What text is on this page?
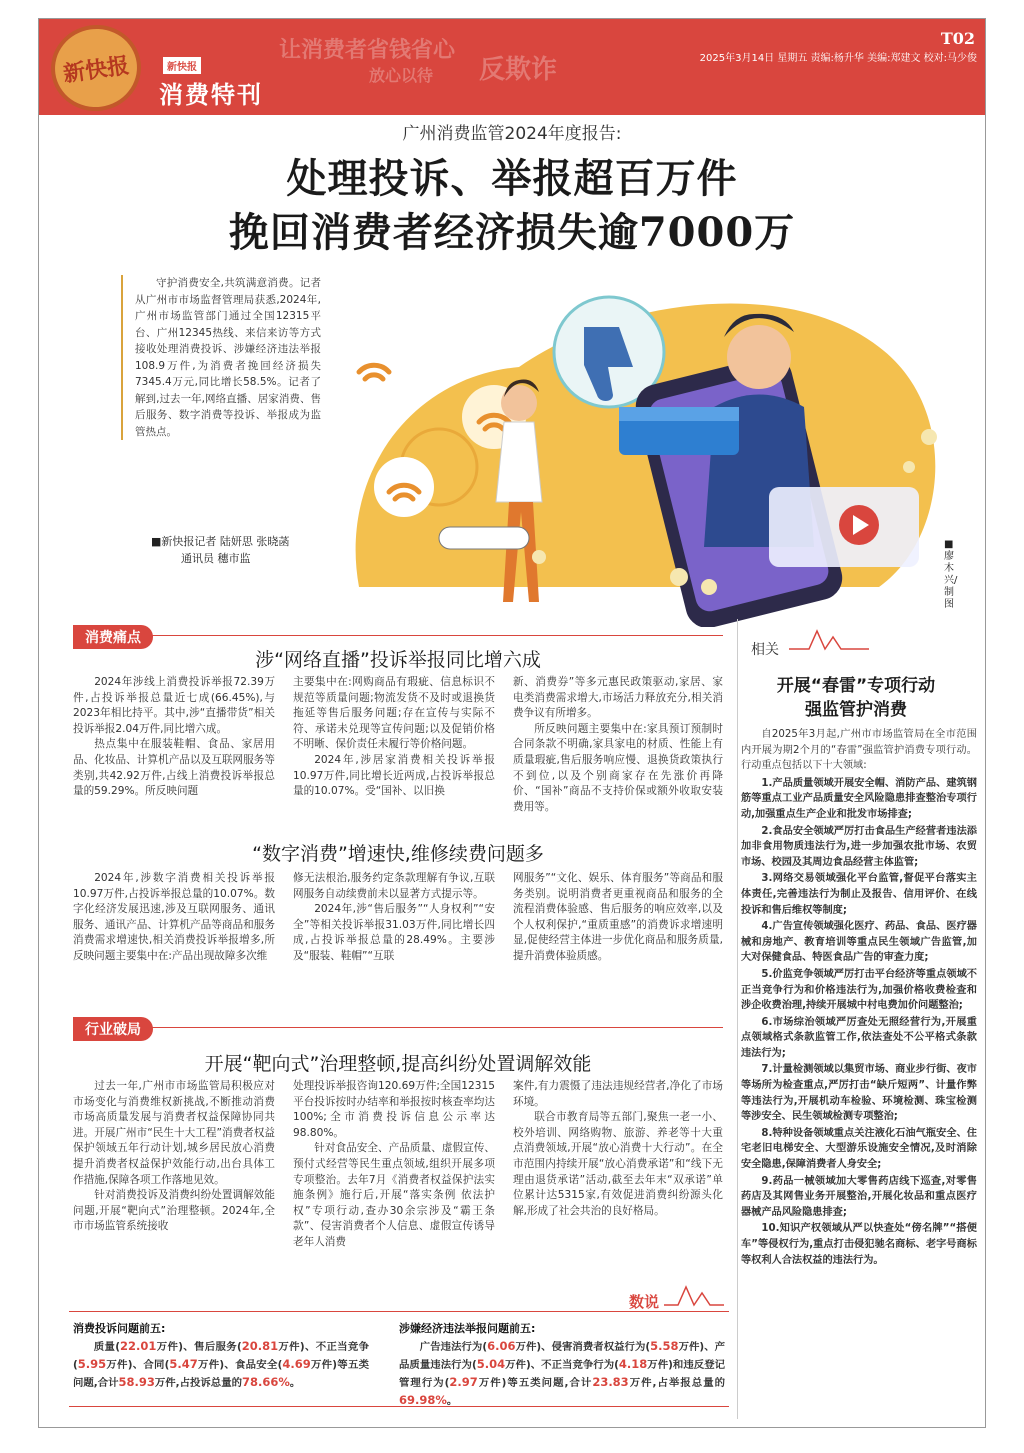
让消费者省钱省心
放心以待 反欺诈
新快报	新快报
消费特刊
T02
2025年3月14日 星期五 责编:杨升华 美编:郑建文 校对:马少俊
广州消费监管2024年度报告:
处理投诉、举报超百万件
挽回消费者经济损失逾7000万
守护消费安全,共筑满意消费。记者从广州市市场监督管理局获悉,2024年,广州市场监管部门通过全国12315平台、广州12345热线、来信来访等方式接收处理消费投诉、涉嫌经济违法举报108.9万件,为消费者挽回经济损失7345.4万元,同比增长58.5%。记者了解到,过去一年,网络直播、居家消费、售后服务、数字消费等投诉、举报成为监管热点。
■新快报记者 陆妍思 张晓菡
通讯员 穗市监
■廖木兴/制图
消费痛点
涉“网络直播”投诉举报同比增六成

2024年涉线上消费投诉举报72.39万件,占投诉举报总量近七成(66.45%),与2023年相比持平。其中,涉“直播带货”相关投诉举报2.04万件,同比增六成。

热点集中在服装鞋帽、食品、家居用品、化妆品、计算机产品以及互联网服务等类别,共42.92万件,占线上消费投诉举报总量的59.29%。所反映问题

主要集中在:网购商品有瑕疵、信息标识不规范等质量问题;物流发货不及时或退换货拖延等售后服务问题;存在宣传与实际不符、承诺未兑现等宣传问题;以及促销价格不明晰、保价责任未履行等价格问题。

2024年,涉居家消费相关投诉举报10.97万件,同比增长近两成,占投诉举报总量的10.07%。受“国补、以旧换

新、消费券”等多元惠民政策驱动,家居、家电类消费需求增大,市场活力释放充分,相关消费争议有所增多。

所反映问题主要集中在:家具预订预制时合同条款不明确,家具家电的材质、性能上有质量瑕疵,售后服务响应慢、退换货政策执行不到位,以及个别商家存在先涨价再降价、“国补”商品不支持价保或额外收取安装费用等。

“数字消费”增速快,维修续费问题多

2024年,涉数字消费相关投诉举报10.97万件,占投诉举报总量的10.07%。数字化经济发展迅速,涉及互联网服务、通讯服务、通讯产品、计算机产品等商品和服务消费需求增速快,相关消费投诉举报增多,所反映问题主要集中在:产品出现故障多次维

修无法根治,服务约定条款理解有争议,互联网服务自动续费前未以显著方式提示等。

2024年,涉“售后服务”“人身权利”“安全”等相关投诉举报31.03万件,同比增长四成,占投诉举报总量的28.49%。主要涉及“服装、鞋帽”“互联

网服务”“文化、娱乐、体育服务”等商品和服务类别。说明消费者更重视商品和服务的全流程消费体验感、售后服务的响应效率,以及个人权利保护,“重质重感”的消费诉求增速明显,促使经营主体进一步优化商品和服务质量,提升消费体验质感。

行业破局
开展“靶向式”治理整顿,提高纠纷处置调解效能

过去一年,广州市市场监管局积极应对市场变化与消费维权新挑战,不断推动消费市场高质量发展与消费者权益保障协同共进。开展广州市“民生十大工程”消费者权益保护领域五年行动计划,城乡居民放心消费提升消费者权益保护效能行动,出台具体工作措施,保障各项工作落地见效。

针对消费投诉及消费纠纷处置调解效能问题,开展“靶向式”治理整顿。2024年,全市市场监管系统接收

处理投诉举报咨询120.69万件;全国12315平台投诉按时办结率和举报按时核查率均达100%;全市消费投诉信息公示率达98.80%。

针对食品安全、产品质量、虚假宣传、预付式经营等民生重点领域,组织开展多项专项整治。去年7月《消费者权益保护法实施条例》施行后,开展“落实条例 依法护权”专项行动,查办30余宗涉及“霸王条款”、侵害消费者个人信息、虚假宣传诱导老年人消费

案件,有力震慑了违法违规经营者,净化了市场环境。

联合市教育局等五部门,聚焦一老一小、校外培训、网络购物、旅游、养老等十大重点消费领域,开展“放心消费十大行动”。在全市范围内持续开展“放心消费承诺”和“线下无理由退货承诺”活动,截至去年末“双承诺”单位累计达5315家,有效促进消费纠纷源头化解,形成了社会共治的良好格局。

相关
开展“春雷”专项行动
强监管护消费

自2025年3月起,广州市市场监管局在全市范围内开展为期2个月的“春雷”强监管护消费专项行动。行动重点包括以下十大领域:

1.产品质量领域开展安全帽、消防产品、建筑钢筋等重点工业产品质量安全风险隐患排查整治专项行动,加强重点生产企业和批发市场排查;
2.食品安全领域严厉打击食品生产经营者违法添加非食用物质违法行为,进一步加强农批市场、农贸市场、校园及其周边食品经营主体监管;
3.网络交易领域强化平台监管,督促平台落实主体责任,完善违法行为制止及报告、信用评价、在线投诉和售后维权等制度;
4.广告宣传领域强化医疗、药品、食品、医疗器械和房地产、教育培训等重点民生领域广告监管,加大对保健食品、特医食品广告的审查力度;
5.价监竞争领域严厉打击平台经济等重点领域不正当竞争行为和价格违法行为,加强价格收费检查和涉企收费治理,持续开展城中村电费加价问题整治;
6.市场综治领域严厉查处无照经营行为,开展重点领域格式条款监管工作,依法查处不公平格式条款违法行为;
7.计量检测领域以集贸市场、商业步行街、夜市等场所为检查重点,严厉打击“缺斤短两”、计量作弊等违法行为,开展机动车检验、环境检测、珠宝检测等涉安全、民生领域检测专项整治;
8.特种设备领域重点关注液化石油气瓶安全、住宅老旧电梯安全、大型游乐设施安全情况,及时消除安全隐患,保障消费者人身安全;
9.药品一械领域加大零售药店线下巡查,对零售药店及其网售业务开展整治,开展化妆品和重点医疗器械产品风险隐患排查;
10.知识产权领域从严以快查处“傍名牌”“搭便车”等侵权行为,重点打击侵犯驰名商标、老字号商标等权利人合法权益的违法行为。
数说
消费投诉问题前五:
质量(22.01万件)、售后服务(20.81万件)、不正当竞争(5.95万件)、合同(5.47万件)、食品安全(4.69万件)等五类问题,合计58.93万件,占投诉总量的78.66%。
涉嫌经济违法举报问题前五:
广告违法行为(6.06万件)、侵害消费者权益行为(5.58万件)、产品质量违法行为(5.04万件)、不正当竞争行为(4.18万件)和违反登记管理行为(2.97万件)等五类问题,合计23.83万件,占举报总量的69.98%。
